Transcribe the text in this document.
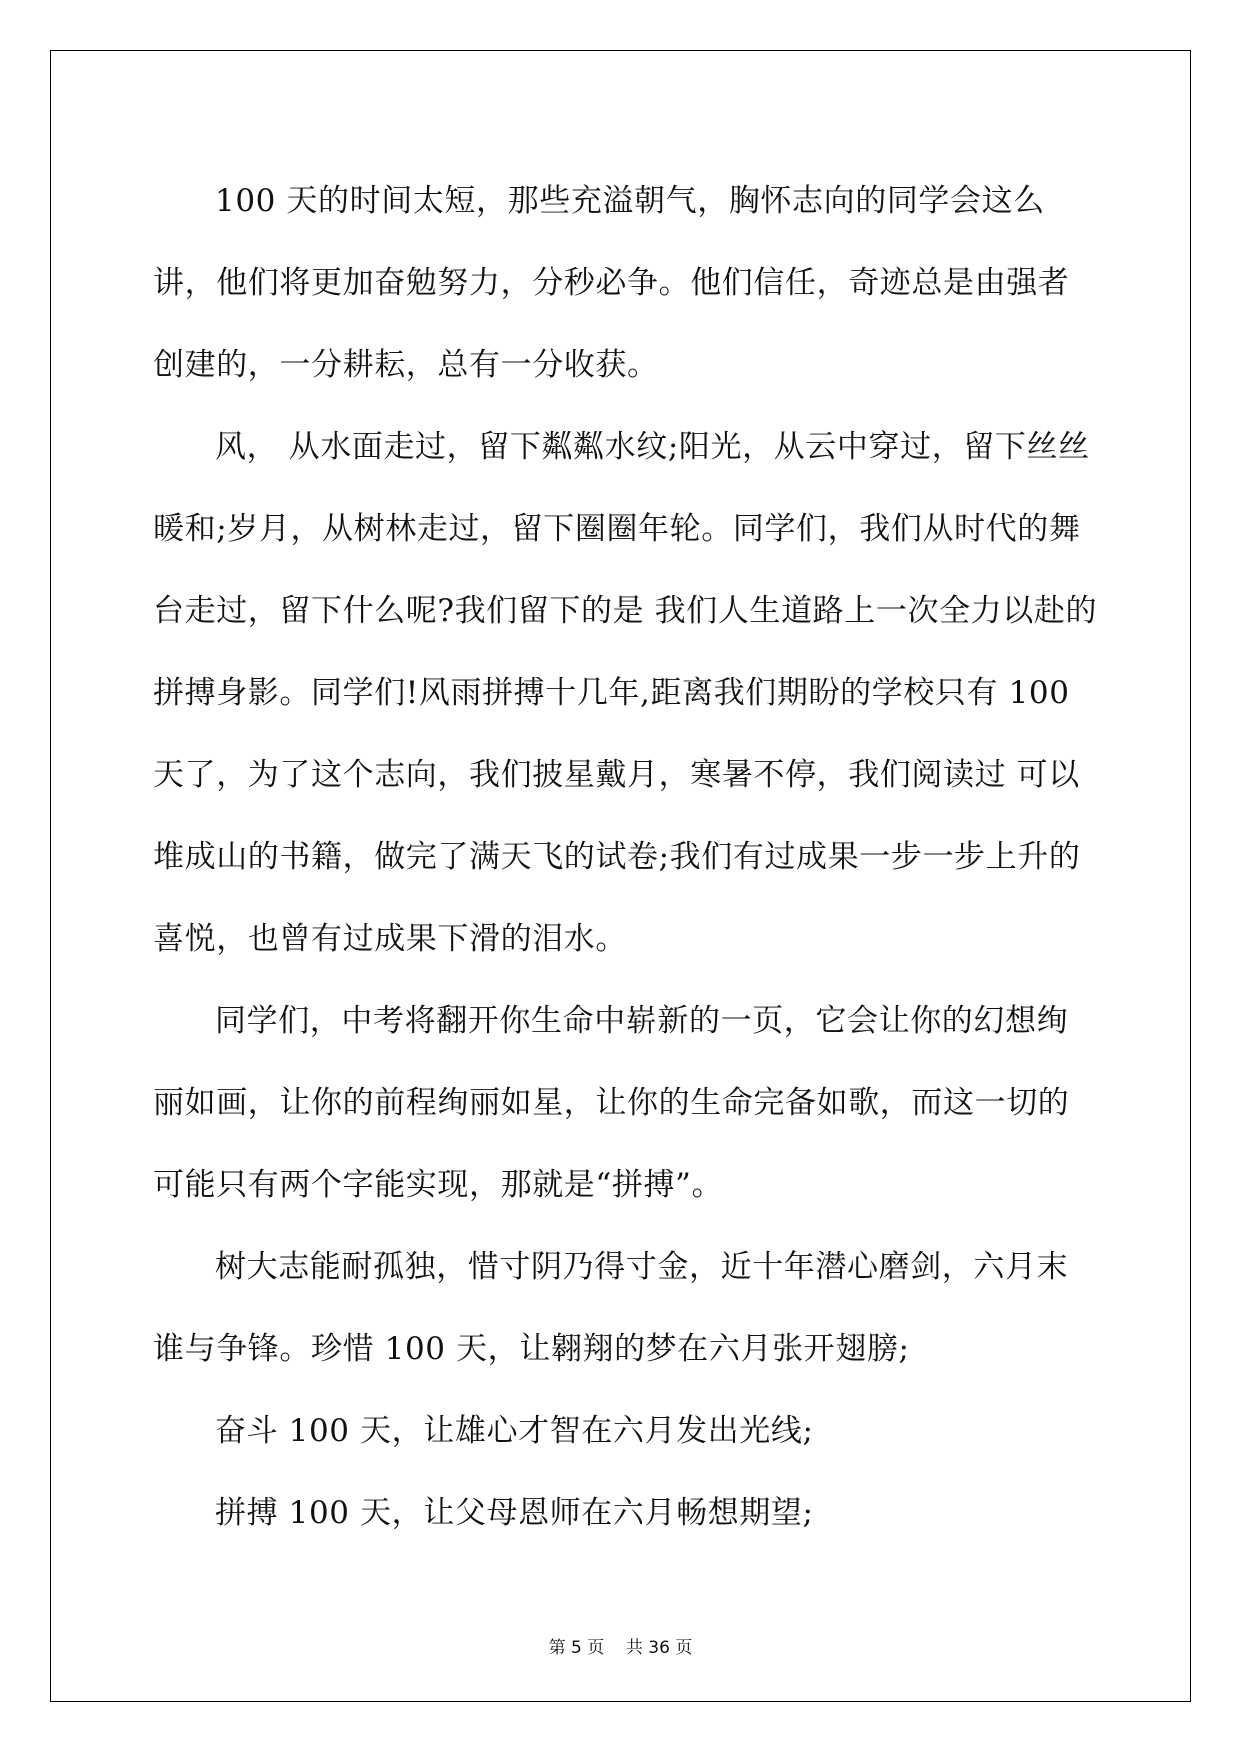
100 天的时间太短，那些充溢朝气，胸怀志向的同学会这么讲，他们将更加奋勉努力，分秒必争。他们信任，奇迹总是由强者创建的，一分耕耘，总有一分收获。

风， 从水面走过，留下粼粼水纹;阳光，从云中穿过，留下丝丝暖和;岁月，从树林走过，留下圈圈年轮。同学们，我们从时代的舞台走过，留下什么呢?我们留下的是 我们人生道路上一次全力以赴的拼搏身影。同学们!风雨拼搏十几年,距离我们期盼的学校只有 100 天了，为了这个志向，我们披星戴月，寒暑不停，我们阅读过 可以堆成山的书籍，做完了满天飞的试卷;我们有过成果一步一步上升的喜悦，也曾有过成果下滑的泪水。

同学们，中考将翻开你生命中崭新的一页，它会让你的幻想绚丽如画，让你的前程绚丽如星，让你的生命完备如歌，而这一切的可能只有两个字能实现，那就是“拼搏”。

树大志能耐孤独，惜寸阴乃得寸金，近十年潜心磨剑，六月末谁与争锋。珍惜 100 天，让翱翔的梦在六月张开翅膀;

奋斗 100 天，让雄心才智在六月发出光线;

拼搏 100 天，让父母恩师在六月畅想期望;

第 5 页    共 36 页
